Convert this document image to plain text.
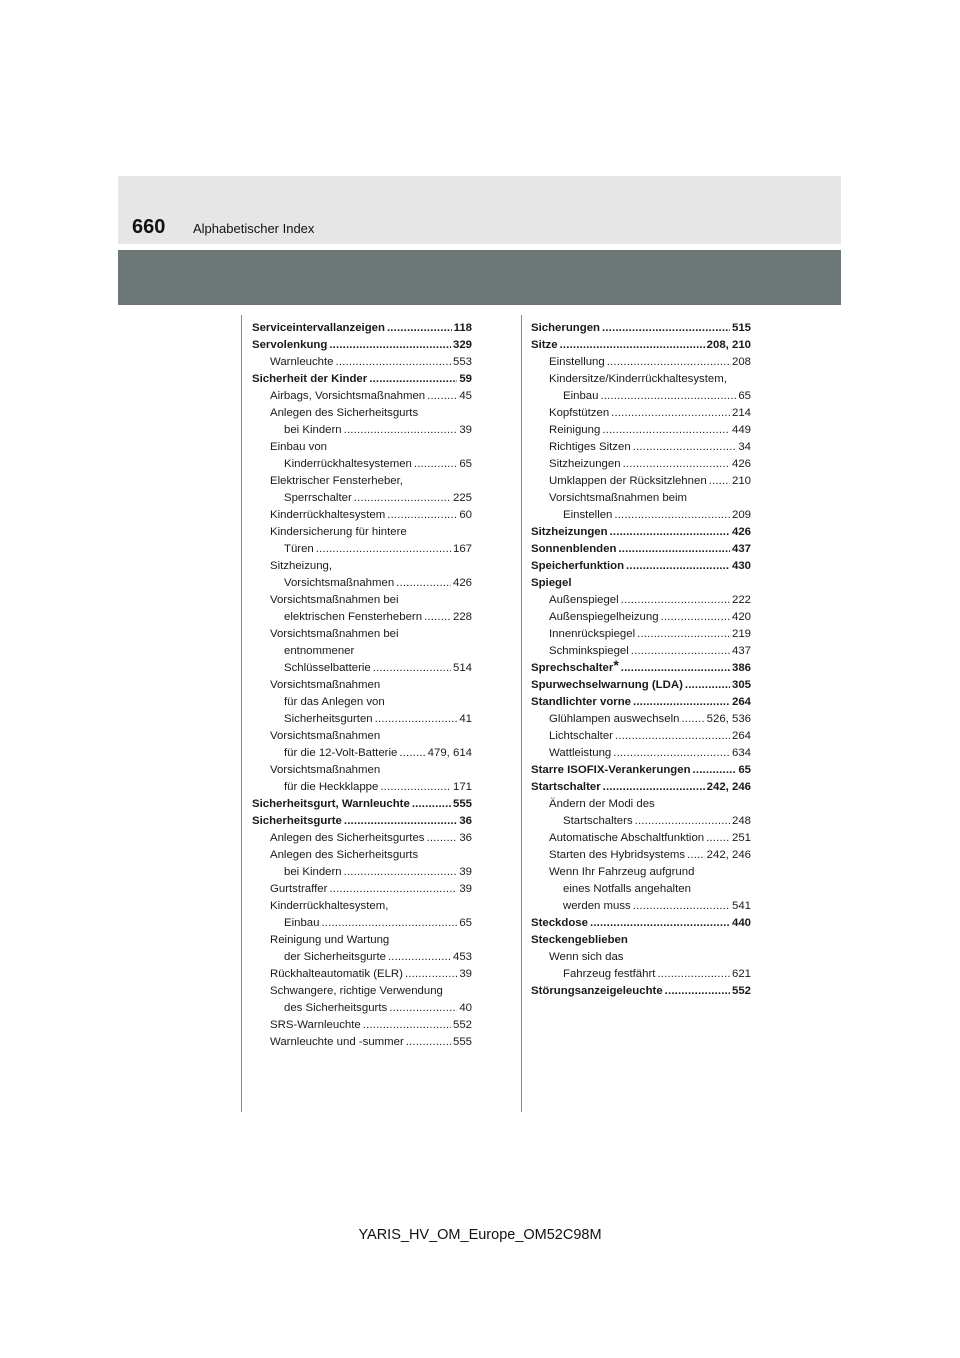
660 Alphabetischer Index
Serviceintervallanzeigen . . .	118
Servolenkung . . .	329
Warnleuchte . . .	553
Sicherheit der Kinder . . .	59
Airbags, Vorsichtsmaßnahmen . . .	45
Anlegen des Sicherheitsgurts
bei Kindern . . .	39
Einbau von
Kinderrückhaltesystemen . . .	65
Elektrischer Fensterheber,
Sperrschalter . . .	225
Kinderrückhaltesystem . . .	60
Kindersicherung für hintere
Türen . . .	167
Sitzheizung,
Vorsichtsmaßnahmen . . .	426
Vorsichtsmaßnahmen bei
elektrischen Fensterhebern . . .	228
Vorsichtsmaßnahmen bei
entnommener
Schlüsselbatterie . . .	514
Vorsichtsmaßnahmen
für das Anlegen von
Sicherheitsgurten . . .	41
Vorsichtsmaßnahmen
für die 12-Volt-Batterie . . .	479, 614
Vorsichtsmaßnahmen
für die Heckklappe . . .	171
Sicherheitsgurt, Warnleuchte . . .	555
Sicherheitsgurte . . .	36
Anlegen des Sicherheitsgurtes . . .	36
Anlegen des Sicherheitsgurts
bei Kindern . . .	39
Gurtstraffer . . .	39
Kinderrückhaltesystem,
Einbau . . .	65
Reinigung und Wartung
der Sicherheitsgurte . . .	453
Rückhalteautomatik (ELR) . . .	39
Schwangere, richtige Verwendung
des Sicherheitsgurts . . .	40
SRS-Warnleuchte . . .	552
Warnleuchte und -summer . . .	555
Sicherungen . . .	515
Sitze . . .	208, 210
Einstellung . . .	208
Kindersitze/Kinderrückhaltesystem,
Einbau . . .	65
Kopfstützen . . .	214
Reinigung . . .	449
Richtiges Sitzen . . .	34
Sitzheizungen . . .	426
Umklappen der Rücksitzlehnen . . . 210
Vorsichtsmaßnahmen beim
Einstellen . . .	209
Sitzheizungen . . .	426
Sonnenblenden . . .	437
Speicherfunktion . . .	430
Spiegel
Außenspiegel . . .	222
Außenspiegelheizung . . .	420
Innenrückspiegel . . .	219
Schminkspiegel . . .	437
Sprechschalter* . . .	386
Spurwechselwarnung (LDA) . . .	305
Standlichter vorne . . .	264
Glühlampen auswechseln . . . 526, 536
Lichtschalter . . .	264
Wattleistung . . .	634
Starre ISOFIX-Verankerungen . . .	65
Startschalter . . .	242, 246
Ändern der Modi des
Startschalters . . .	248
Automatische Abschaltfunktion . . . 251
Starten des Hybridsystems . . . 242, 246
Wenn Ihr Fahrzeug aufgrund
eines Notfalls angehalten
werden muss . . .	541
Steckdose . . .	440
Steckengeblieben
Wenn sich das
Fahrzeug festfährt . . .	621
Störungsanzeigeleuchte . . .	552
YARIS_HV_OM_Europe_OM52C98M
